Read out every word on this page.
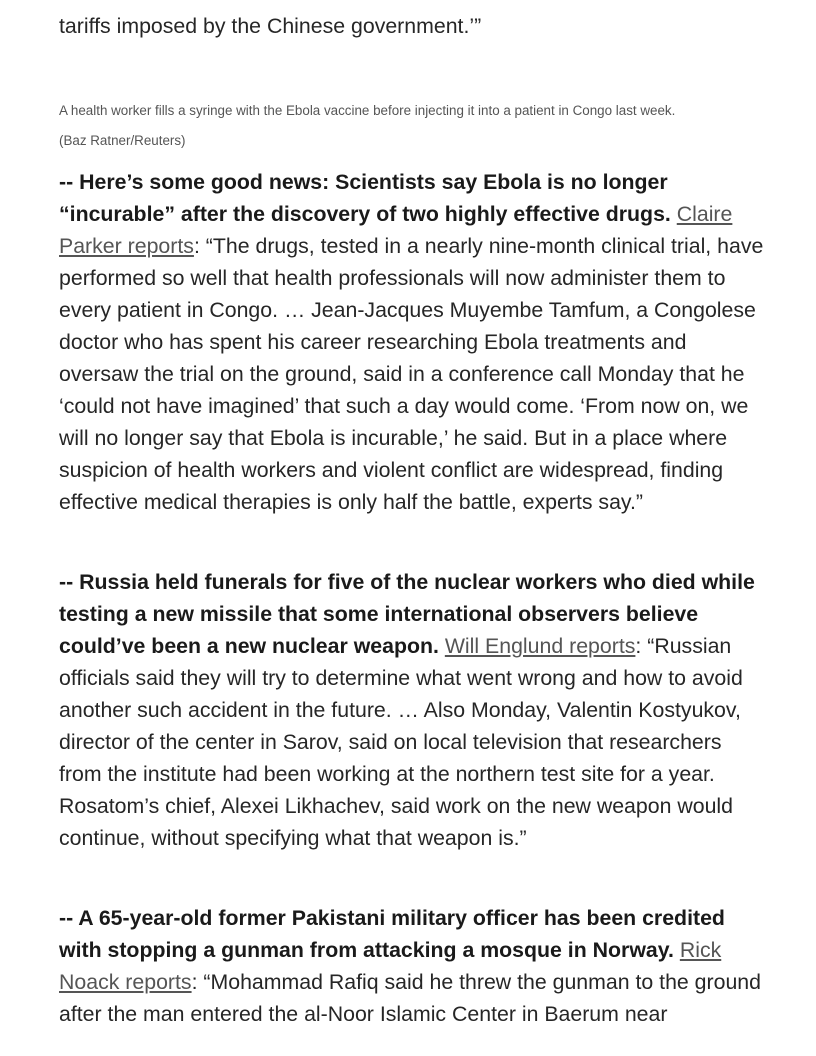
tariffs imposed by the Chinese government.’”

A health worker fills a syringe with the Ebola vaccine before injecting it into a patient in Congo last week.
(Baz Ratner/Reuters)

-- Here’s some good news: Scientists say Ebola is no longer “incurable” after the discovery of two highly effective drugs. Claire Parker reports: “The drugs, tested in a nearly nine-month clinical trial, have performed so well that health professionals will now administer them to every patient in Congo. … Jean-Jacques Muyembe Tamfum, a Congolese doctor who has spent his career researching Ebola treatments and oversaw the trial on the ground, said in a conference call Monday that he ‘could not have imagined’ that such a day would come. ‘From now on, we will no longer say that Ebola is incurable,’ he said. But in a place where suspicion of health workers and violent conflict are widespread, finding effective medical therapies is only half the battle, experts say.”

-- Russia held funerals for five of the nuclear workers who died while testing a new missile that some international observers believe could’ve been a new nuclear weapon. Will Englund reports: “Russian officials said they will try to determine what went wrong and how to avoid another such accident in the future. … Also Monday, Valentin Kostyukov, director of the center in Sarov, said on local television that researchers from the institute had been working at the northern test site for a year. Rosatom’s chief, Alexei Likhachev, said work on the new weapon would continue, without specifying what that weapon is.”

-- A 65-year-old former Pakistani military officer has been credited with stopping a gunman from attacking a mosque in Norway. Rick Noack reports: “Mohammad Rafiq said he threw the gunman to the ground after the man entered the al-Noor Islamic Center in Baerum near
